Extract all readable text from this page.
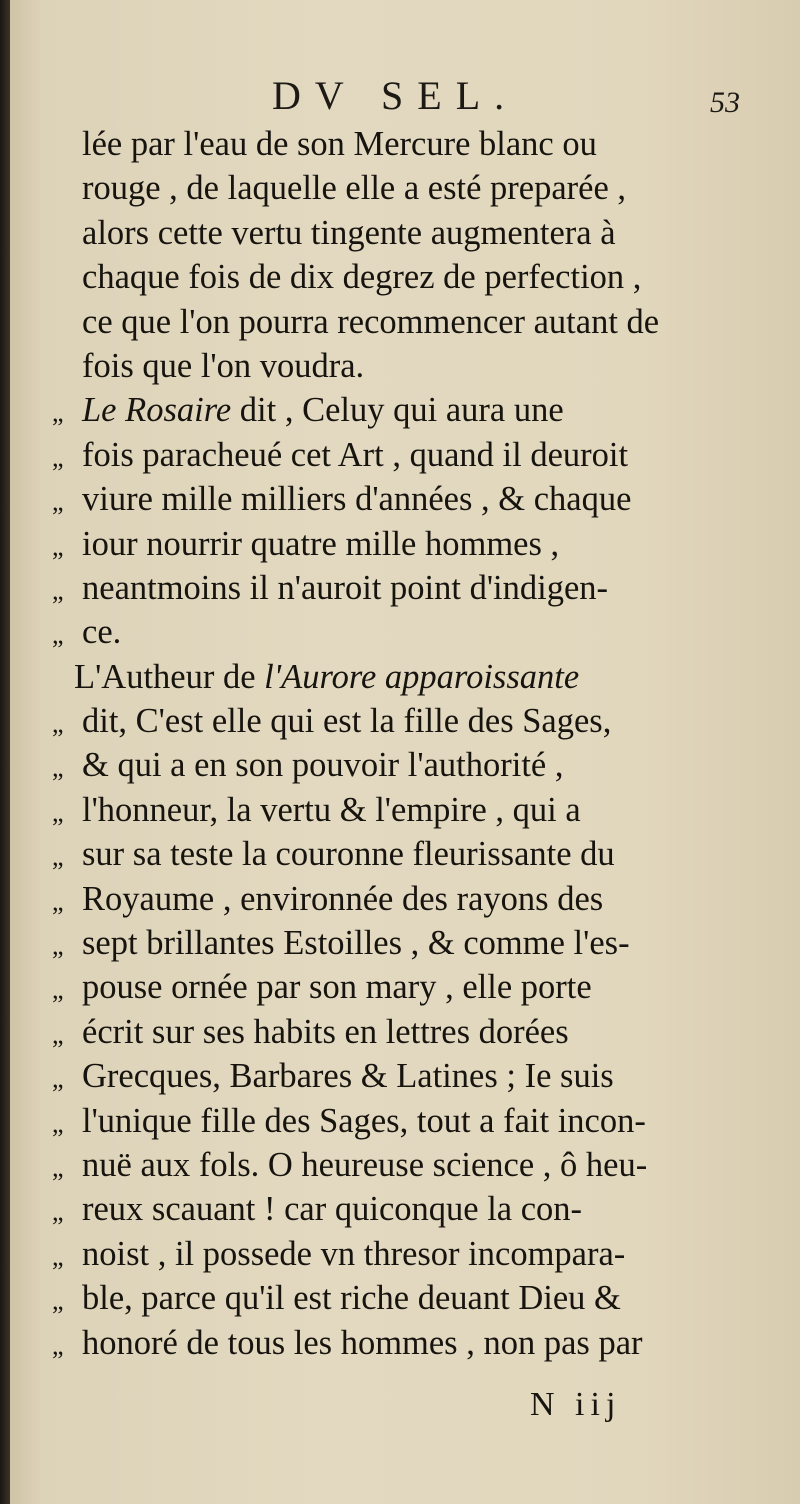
DV SEL.	53
lée par l'eau de son Mercure blanc ou
rouge , de laquelle elle a esté preparée ,
alors cette vertu tingente augmentera à
chaque fois de dix degrez de perfection ,
ce que l'on pourra recommencer autant de
fois que l'on voudra.
„ Le Rosaire dit , Celuy qui aura une
„ fois paracheué cet Art , quand il deuroit
„ viure mille milliers d'années , & chaque
„ iour nourrir quatre mille hommes ,
„ neantmoins il n'auroit point d'indigen-
„ ce.
L'Autheur de l'Aurore apparoissante
„ dit, C'est elle qui est la fille des Sages,
„ & qui a en son pouvoir l'authorité ,
„ l'honneur, la vertu & l'empire , qui a
„ sur sa teste la couronne fleurissante du
„ Royaume , environnée des rayons des
„ sept brillantes Estoilles , & comme l'es-
„ pouse ornée par son mary , elle porte
„ écrit sur ses habits en lettres dorées
„ Grecques, Barbares & Latines ; Ie suis
„ l'unique fille des Sages, tout a fait incon-
„ nuë aux fols. O heureuse science , ô heu-
„ reux scauant ! car quiconque la con-
„ noist , il possede vn thresor incompara-
„ ble, parce qu'il est riche deuant Dieu &
„ honoré de tous les hommes , non pas par
N iij
